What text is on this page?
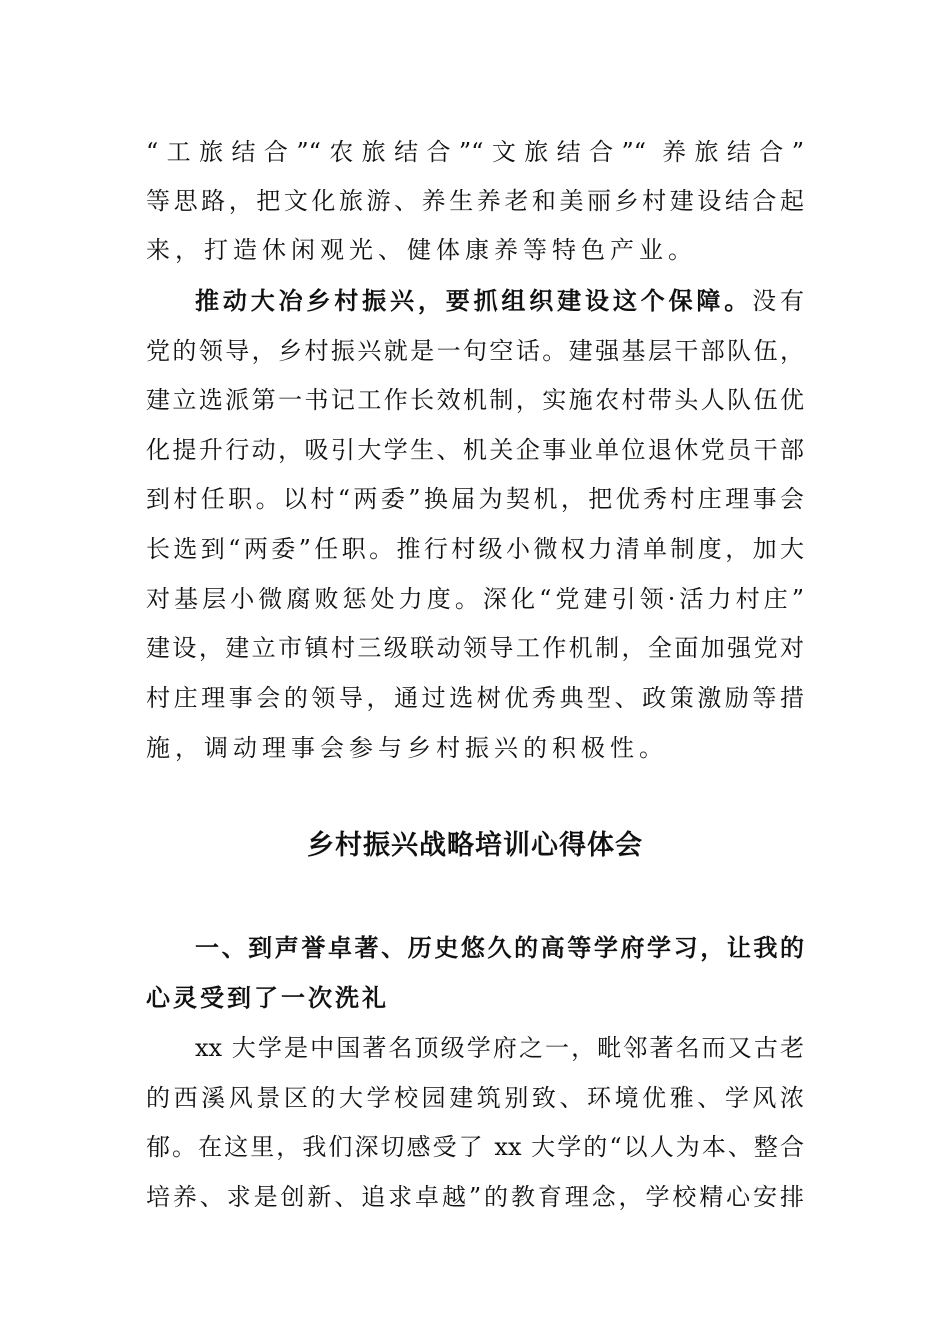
“工旅结合”“农旅结合”“文旅结合”“ 养旅结合”
等思路，把文化旅游、养生养老和美丽乡村建设结合起
来，打造休闲观光、健体康养等特色产业。
推动大冶乡村振兴，要抓组织建设这个保障。没有
党的领导，乡村振兴就是一句空话。建强基层干部队伍，
建立选派第一书记工作长效机制，实施农村带头人队伍优
化提升行动，吸引大学生、机关企事业单位退休党员干部
到村任职。以村“两委”换届为契机，把优秀村庄理事会
长选到“两委”任职。推行村级小微权力清单制度，加大
对基层小微腐败惩处力度。深化“党建引领·活力村庄”
建设，建立市镇村三级联动领导工作机制，全面加强党对
村庄理事会的领导，通过选树优秀典型、政策激励等措
施，调动理事会参与乡村振兴的积极性。
乡村振兴战略培训心得体会
一、到声誉卓著、历史悠久的高等学府学习，让我的
心灵受到了一次洗礼
xx 大学是中国著名顶级学府之一，毗邻著名而又古老
的西溪风景区的大学校园建筑别致、环境优雅、学风浓
郁。在这里，我们深切感受了 xx 大学的“以人为本、整合
培养、求是创新、追求卓越”的教育理念，学校精心安排
